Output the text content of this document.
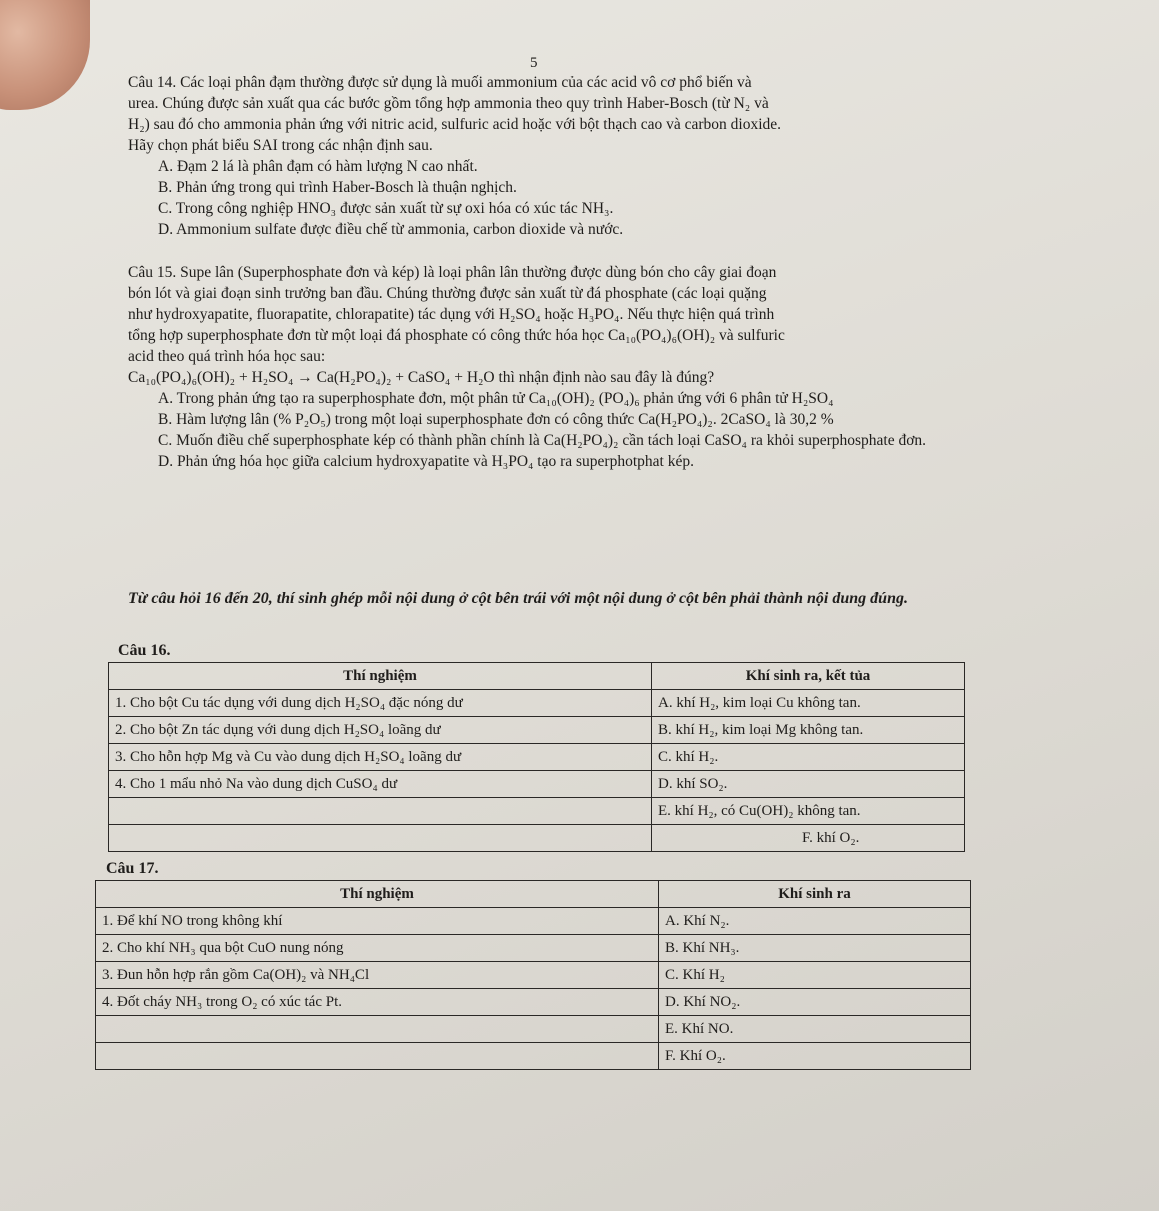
5

Câu 14. Các loại phân đạm thường được sử dụng là muối ammonium của các acid vô cơ phổ biến và

urea. Chúng được sản xuất qua các bước gồm tổng hợp ammonia theo quy trình Haber-Bosch (từ N₂ và

H₂) sau đó cho ammonia phản ứng với nitric acid, sulfuric acid hoặc với bột thạch cao và carbon dioxide.

Hãy chọn phát biểu SAI trong các nhận định sau.

A. Đạm 2 lá là phân đạm có hàm lượng N cao nhất.

B. Phản ứng trong qui trình Haber-Bosch là thuận nghịch.

C. Trong công nghiệp HNO₃ được sản xuất từ sự oxi hóa có xúc tác NH₃.

D. Ammonium sulfate được điều chế từ ammonia, carbon dioxide và nước.

Câu 15. Supe lân (Superphosphate đơn và kép) là loại phân lân thường được dùng bón cho cây giai đoạn

bón lót và giai đoạn sinh trưởng ban đầu. Chúng thường được sản xuất từ đá phosphate (các loại quặng

như hydroxyapatite, fluorapatite, chlorapatite) tác dụng với H₂SO₄ hoặc H₃PO₄. Nếu thực hiện quá trình

tổng hợp superphosphate đơn từ một loại đá phosphate có công thức hóa học Ca₁₀(PO₄)₆(OH)₂ và sulfuric

acid theo quá trình hóa học sau:

Ca₁₀(PO₄)₆(OH)₂ + H₂SO₄ → Ca(H₂PO₄)₂ + CaSO₄ + H₂O thì nhận định nào sau đây là đúng?

A. Trong phản ứng tạo ra superphosphate đơn, một phân tử Ca₁₀(OH)₂ (PO₄)₆ phản ứng với 6 phân tử H₂SO₄

B. Hàm lượng lân (% P₂O₅) trong một loại superphosphate đơn có công thức Ca(H₂PO₄)₂. 2CaSO₄ là 30,2 %

C. Muốn điều chế superphosphate kép có thành phần chính là Ca(H₂PO₄)₂ cần tách loại CaSO₄ ra khỏi superphosphate đơn.

D. Phản ứng hóa học giữa calcium hydroxyapatite và H₃PO₄ tạo ra superphotphat kép.

Từ câu hỏi 16 đến 20, thí sinh ghép mỗi nội dung ở cột bên trái với một nội dung ở cột bên phải thành nội dung đúng.
Câu 16.
Thí nghiệm	Khí sinh ra, kết tủa
1. Cho bột Cu tác dụng với dung dịch H₂SO₄ đặc nóng dư	A. khí H₂, kim loại Cu không tan.
2. Cho bột Zn tác dụng với dung dịch H₂SO₄ loãng dư	B. khí H₂, kim loại Mg không tan.
3. Cho hỗn hợp Mg và Cu vào dung dịch H₂SO₄ loãng dư	C. khí H₂.
4. Cho 1 mẩu nhỏ Na vào dung dịch CuSO₄ dư	D. khí SO₂.
	E. khí H₂, có Cu(OH)₂ không tan.
	F. khí O₂.
Câu 17.
Thí nghiệm	Khí sinh ra
1. Để khí NO trong không khí	A. Khí N₂.
2. Cho khí NH₃ qua bột CuO nung nóng	B. Khí NH₃.
3. Đun hỗn hợp rắn gồm Ca(OH)₂ và NH₄Cl	C. Khí H₂
4. Đốt cháy NH₃ trong O₂ có xúc tác Pt.	D. Khí NO₂.
	E. Khí NO.
	F. Khí O₂.
